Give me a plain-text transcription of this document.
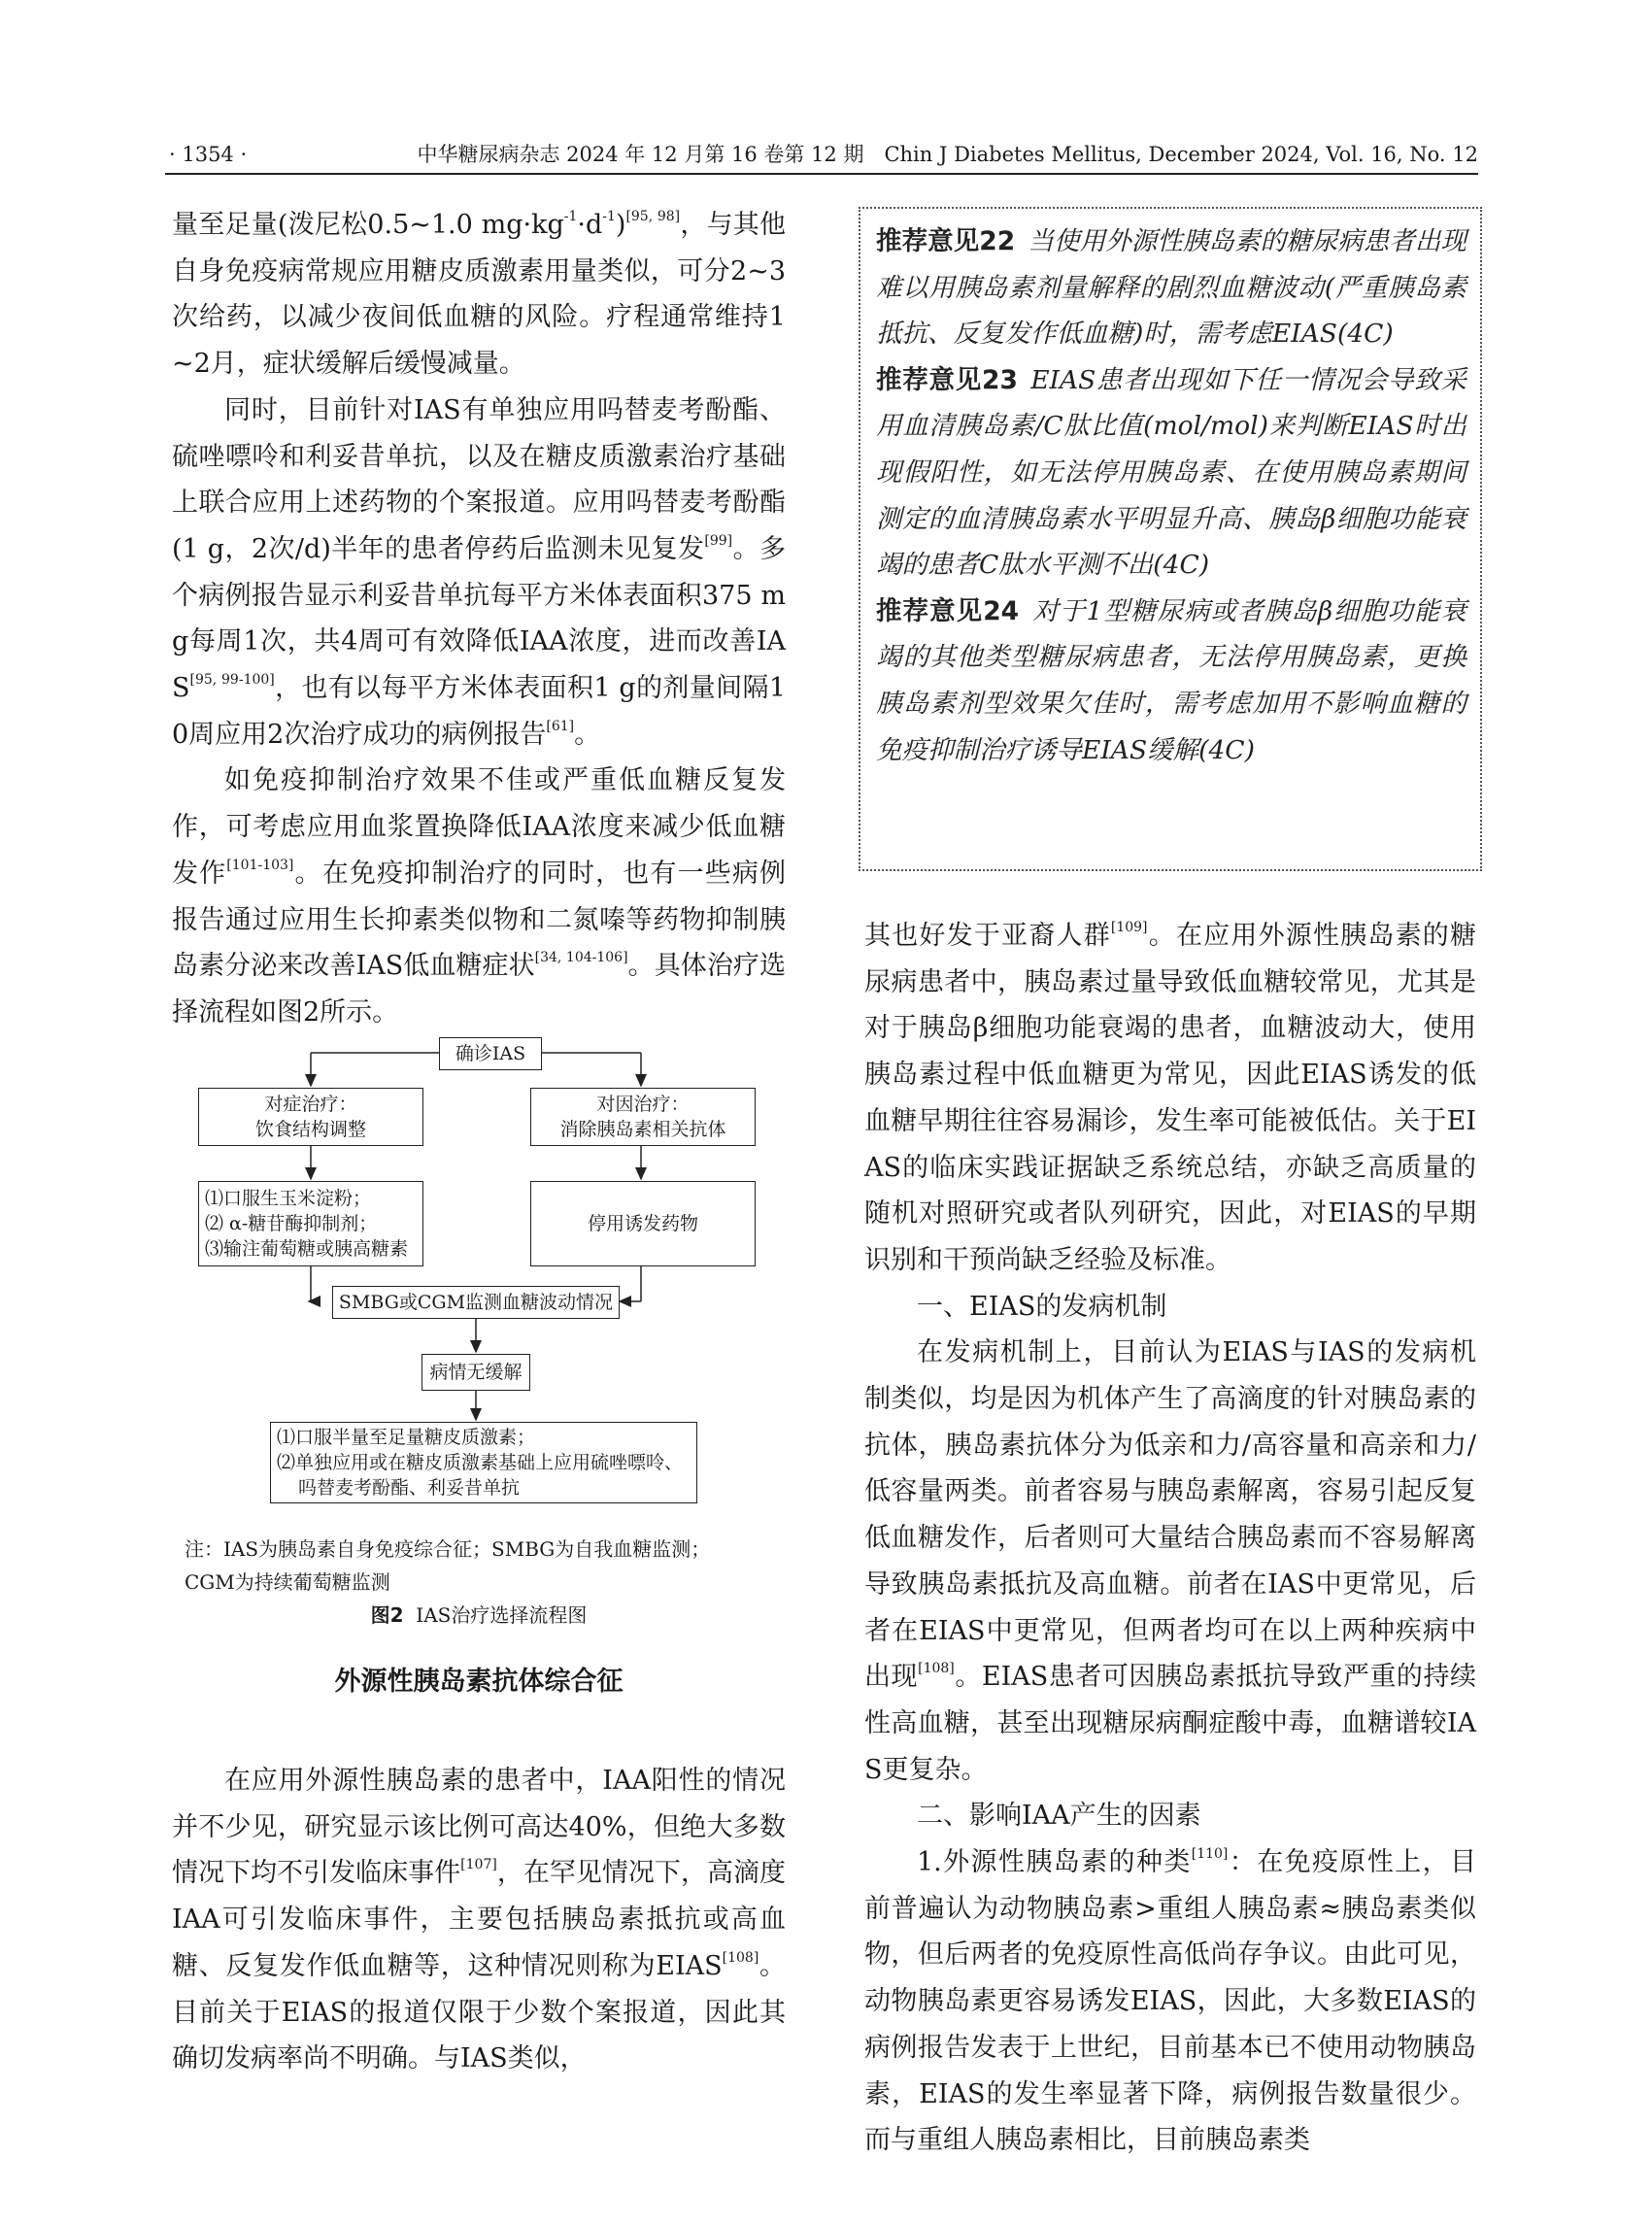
· 1354 ·	中华糖尿病杂志 2024 年 12 月第 16 卷第 12 期　Chin J Diabetes Mellitus, December 2024, Vol. 16, No. 12

量至足量(泼尼松0.5~1.0 $mg\cdot kg^{-1}\cdot d^{-1})[95, 98]$，与其他自身免疫病常规应用糖皮质激素用量类似，可分2~3次给药，以减少夜间低血糖的风险。疗程通常维持1~2月，症状缓解后缓慢减量。

同时，目前针对IAS有单独应用吗替麦考酚酯、硫唑嘌呤和利妥昔单抗，以及在糖皮质激素治疗基础上联合应用上述药物的个案报道。应用吗替麦考酚酯(1 g，2次/d)半年的患者停药后监测未见复发[99]。多个病例报告显示利妥昔单抗每平方米体表面积375 mg每周1次，共4周可有效降低IAA浓度，进而改善IAS[95, 99-100]，也有以每平方米体表面积1 g的剂量间隔10周应用2次治疗成功的病例报告[61]。

如免疫抑制治疗效果不佳或严重低血糖反复发作，可考虑应用血浆置换降低IAA浓度来减少低血糖发作[101-103]。在免疫抑制治疗的同时，也有一些病例报告通过应用生长抑素类似物和二氮嗪等药物抑制胰岛素分泌来改善IAS低血糖症状[34, 104-106]。具体治疗选择流程如图2所示。

确诊IAS
对症治疗：
饮食结构调整
对因治疗：
消除胰岛素相关抗体
⑴口服生玉米淀粉；
⑵ α-糖苷酶抑制剂；
⑶输注葡萄糖或胰高糖素
停用诱发药物
SMBG或CGM监测血糖波动情况
病情无缓解
⑴口服半量至足量糖皮质激素；
⑵单独应用或在糖皮质激素基础上应用硫唑嘌呤、
吗替麦考酚酯、利妥昔单抗
注：IAS为胰岛素自身免疫综合征；SMBG为自我血糖监测；
CGM为持续葡萄糖监测
图2 IAS治疗选择流程图
外源性胰岛素抗体综合征

在应用外源性胰岛素的患者中，IAA阳性的情况并不少见，研究显示该比例可高达40%，但绝大多数情况下均不引发临床事件[107]，在罕见情况下，高滴度IAA可引发临床事件，主要包括胰岛素抵抗或高血糖、反复发作低血糖等，这种情况则称为EIAS[108]。目前关于EIAS的报道仅限于少数个案报道，因此其确切发病率尚不明确。与IAS类似，

推荐意见22 当使用外源性胰岛素的糖尿病患者出现难以用胰岛素剂量解释的剧烈血糖波动(严重胰岛素抵抗、反复发作低血糖)时，需考虑EIAS(4C)

推荐意见23 EIAS患者出现如下任一情况会导致采用血清胰岛素/C肽比值(mol/mol)来判断EIAS时出现假阳性，如无法停用胰岛素、在使用胰岛素期间测定的血清胰岛素水平明显升高、胰岛β细胞功能衰竭的患者C肽水平测不出(4C)

推荐意见24 对于1型糖尿病或者胰岛β细胞功能衰竭的其他类型糖尿病患者，无法停用胰岛素，更换胰岛素剂型效果欠佳时，需考虑加用不影响血糖的免疫抑制治疗诱导EIAS缓解(4C)

其也好发于亚裔人群[109]。在应用外源性胰岛素的糖尿病患者中，胰岛素过量导致低血糖较常见，尤其是对于胰岛β细胞功能衰竭的患者，血糖波动大，使用胰岛素过程中低血糖更为常见，因此EIAS诱发的低血糖早期往往容易漏诊，发生率可能被低估。关于EIAS的临床实践证据缺乏系统总结，亦缺乏高质量的随机对照研究或者队列研究，因此，对EIAS的早期识别和干预尚缺乏经验及标准。

一、EIAS的发病机制

在发病机制上，目前认为EIAS与IAS的发病机制类似，均是因为机体产生了高滴度的针对胰岛素的抗体，胰岛素抗体分为低亲和力/高容量和高亲和力/低容量两类。前者容易与胰岛素解离，容易引起反复低血糖发作，后者则可大量结合胰岛素而不容易解离导致胰岛素抵抗及高血糖。前者在IAS中更常见，后者在EIAS中更常见，但两者均可在以上两种疾病中出现[108]。EIAS患者可因胰岛素抵抗导致严重的持续性高血糖，甚至出现糖尿病酮症酸中毒，血糖谱较IAS更复杂。

二、影响IAA产生的因素

1.外源性胰岛素的种类[110]：在免疫原性上，目前普遍认为动物胰岛素>重组人胰岛素≈胰岛素类似物，但后两者的免疫原性高低尚存争议。由此可见，动物胰岛素更容易诱发EIAS，因此，大多数EIAS的病例报告发表于上世纪，目前基本已不使用动物胰岛素，EIAS的发生率显著下降，病例报告数量很少。而与重组人胰岛素相比，目前胰岛素类
